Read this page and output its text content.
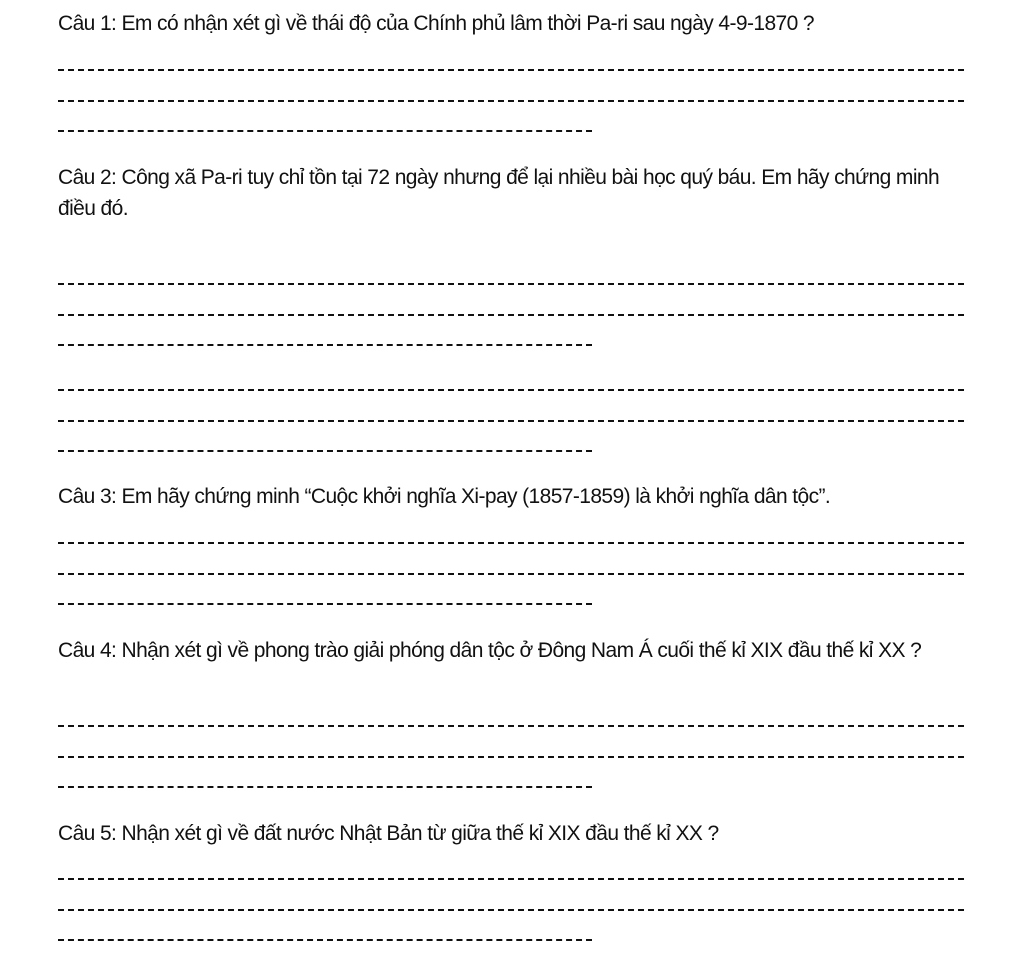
Câu 1: Em có nhận xét gì về thái độ của Chính phủ lâm thời Pa-ri sau ngày 4-9-1870 ?

Câu 2: Công xã Pa-ri tuy chỉ tồn tại 72 ngày nhưng để lại nhiều bài học quý báu. Em hãy chứng minh điều đó.

Câu 3: Em hãy chứng minh “Cuộc khởi nghĩa Xi-pay (1857-1859) là khởi nghĩa dân tộc”.

Câu 4: Nhận xét gì về phong trào giải phóng dân tộc ở Đông Nam Á cuối thế kỉ XIX đầu thế kỉ XX ?

Câu 5: Nhận xét gì về đất nước Nhật Bản từ giữa thế kỉ XIX đầu thế kỉ XX ?
